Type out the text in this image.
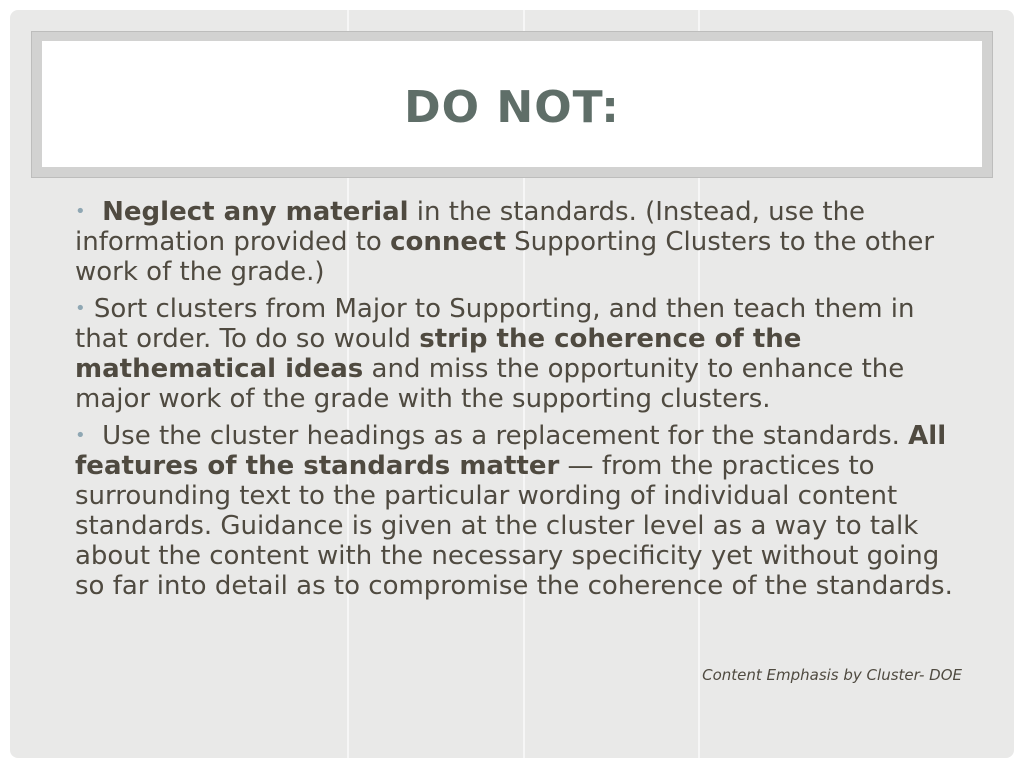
DO NOT:
• Neglect any material in the standards. (Instead, use the information provided to connect Supporting Clusters to the other work of the grade.)
• Sort clusters from Major to Supporting, and then teach them in that order. To do so would strip the coherence of the mathematical ideas and miss the opportunity to enhance the major work of the grade with the supporting clusters.
•  Use the cluster headings as a replacement for the standards. All features of the standards matter — from the practices to surrounding text to the particular wording of individual content standards. Guidance is given at the cluster level as a way to talk about the content with the necessary specificity yet without going so far into detail as to compromise the coherence of the standards.
Content Emphasis by Cluster- DOE
